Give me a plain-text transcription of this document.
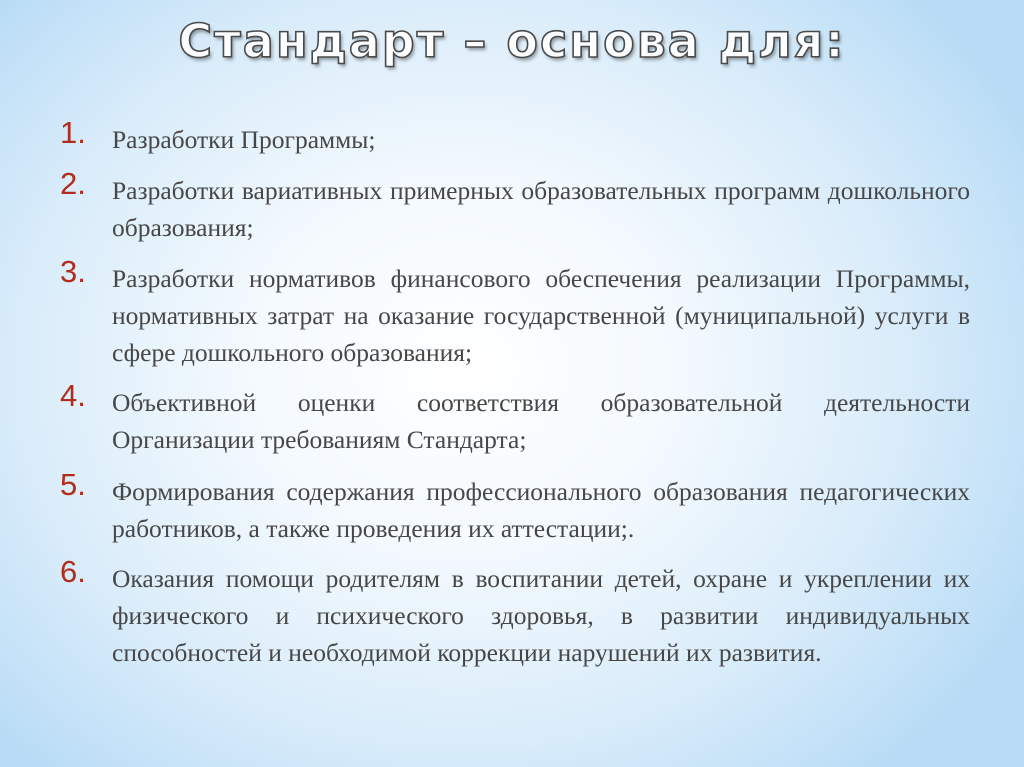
Стандарт – основа для:
1. Разработки Программы;
2. Разработки вариативных примерных образовательных программ дошкольного образования;
3. Разработки нормативов финансового обеспечения реализации Программы, нормативных затрат на оказание государственной (муниципальной) услуги в сфере дошкольного образования;
4. Объективной оценки соответствия образовательной деятельности Организации требованиям Стандарта;
5. Формирования содержания профессионального образования педагогических работников, а также проведения их аттестации;.
6. Оказания помощи родителям в воспитании детей, охране и укреплении их физического и психического здоровья, в развитии индивидуальных способностей и необходимой коррекции нарушений их развития.
